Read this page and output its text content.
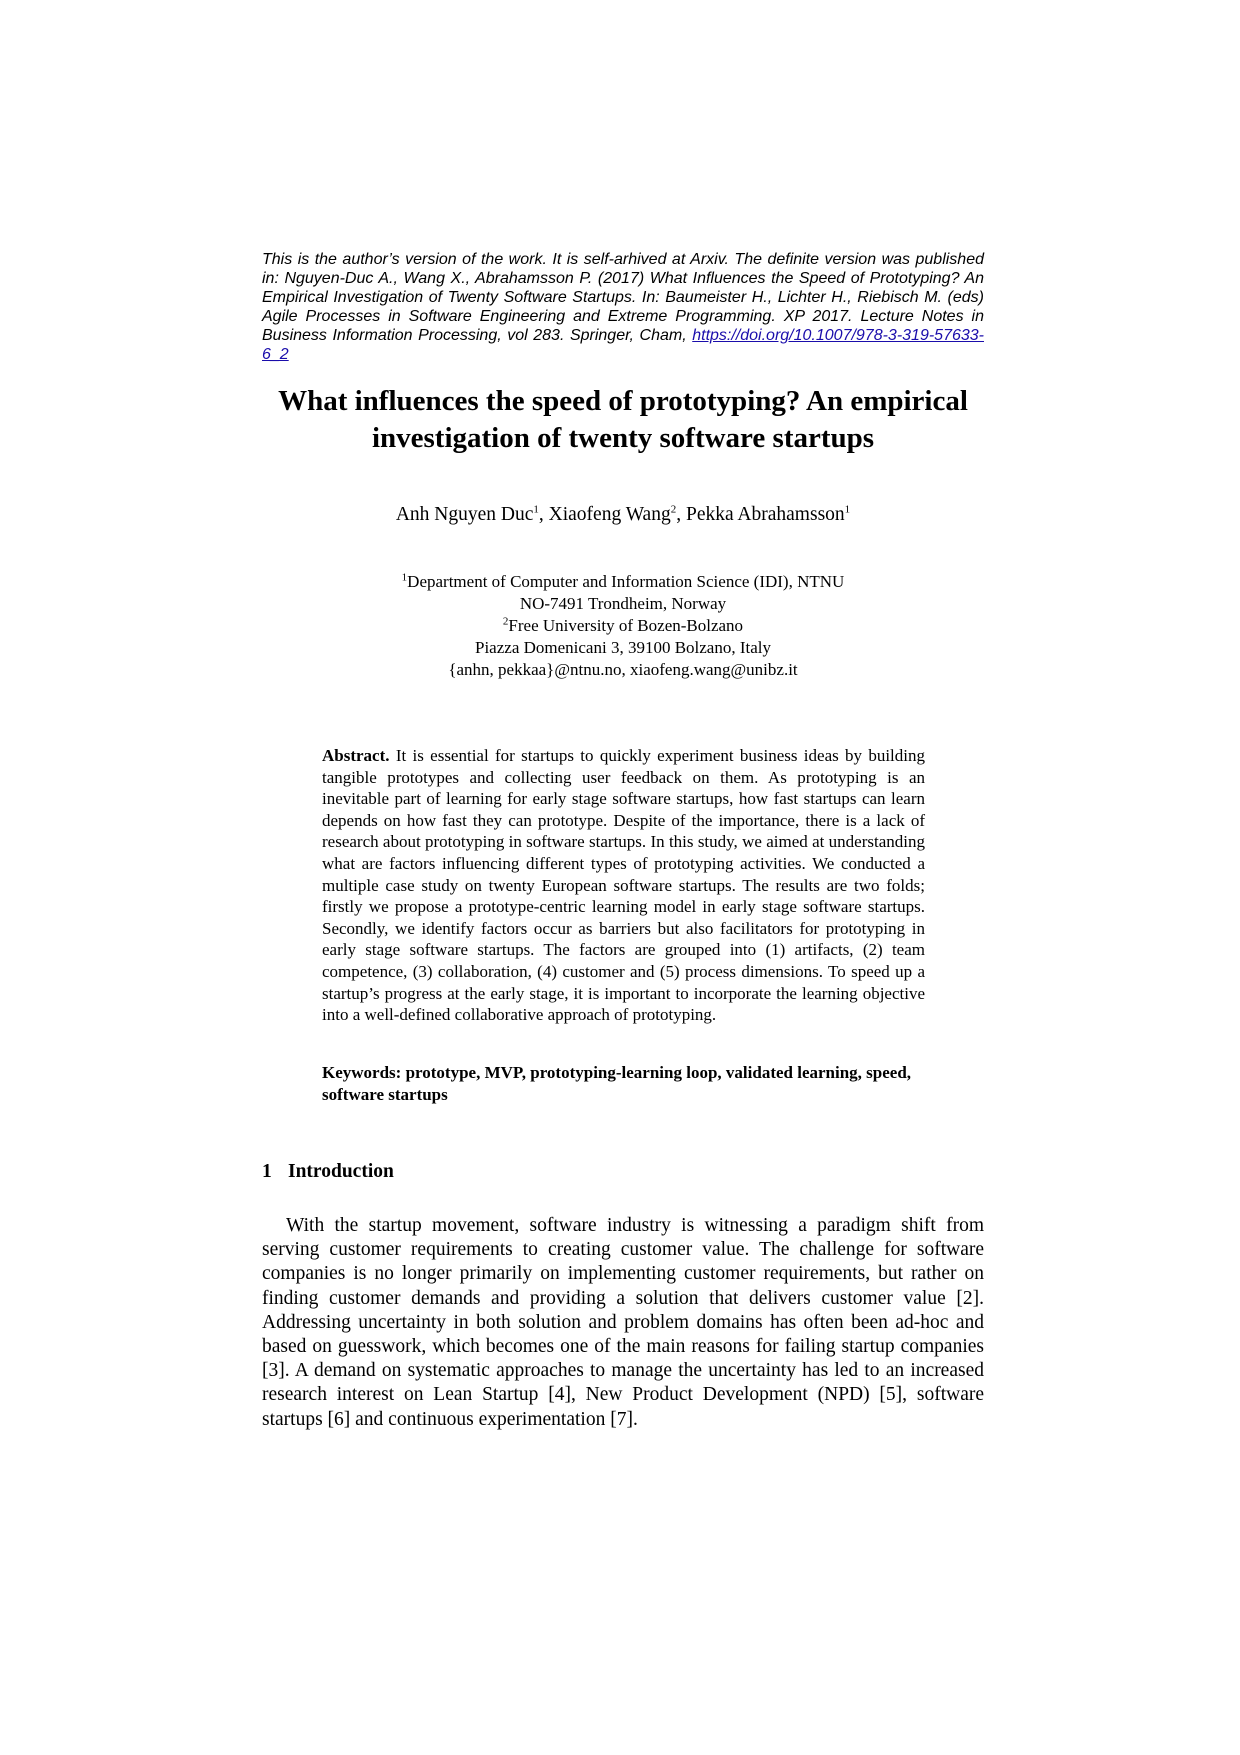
This is the author’s version of the work. It is self-arhived at Arxiv. The definite version was published in: Nguyen-Duc A., Wang X., Abrahamsson P. (2017) What Influences the Speed of Prototyping? An Empirical Investigation of Twenty Software Startups. In: Baumeister H., Lichter H., Riebisch M. (eds) Agile Processes in Software Engineering and Extreme Programming. XP 2017. Lecture Notes in Business Information Processing, vol 283. Springer, Cham, https://doi.org/10.1007/978-3-319-57633-6_2
What influences the speed of prototyping? An empirical
investigation of twenty software startups
Anh Nguyen Duc$^1$, Xiaofeng Wang$^2$, Pekka Abrahamsson$^1$
$^1$Department of Computer and Information Science (IDI), NTNU
NO-7491 Trondheim, Norway
$^2$Free University of Bozen-Bolzano
Piazza Domenicani 3, 39100 Bolzano, Italy
{anhn, pekkaa}@ntnu.no, xiaofeng.wang@unibz.it
Abstract. It is essential for startups to quickly experiment business ideas by building tangible prototypes and collecting user feedback on them. As prototyping is an inevitable part of learning for early stage software startups, how fast startups can learn depends on how fast they can prototype. Despite of the importance, there is a lack of research about prototyping in software startups. In this study, we aimed at understanding what are factors influencing different types of prototyping activities. We conducted a multiple case study on twenty European software startups. The results are two folds; firstly we propose a prototype-centric learning model in early stage software startups. Secondly, we identify factors occur as barriers but also facilitators for prototyping in early stage software startups. The factors are grouped into (1) artifacts, (2) team competence, (3) collaboration, (4) customer and (5) process dimensions. To speed up a startup’s progress at the early stage, it is important to incorporate the learning objective into a well-defined collaborative approach of prototyping.
Keywords: prototype, MVP, prototyping-learning loop, validated learning, speed, software startups
1 Introduction
With the startup movement, software industry is witnessing a paradigm shift from serving customer requirements to creating customer value. The challenge for software companies is no longer primarily on implementing customer requirements, but rather on finding customer demands and providing a solution that delivers customer value [2]. Addressing uncertainty in both solution and problem domains has often been ad-hoc and based on guesswork, which becomes one of the main reasons for failing startup companies [3]. A demand on systematic approaches to manage the uncertainty has led to an increased research interest on Lean Startup [4], New Product Development (NPD) [5], software startups [6] and continuous experimentation [7].
